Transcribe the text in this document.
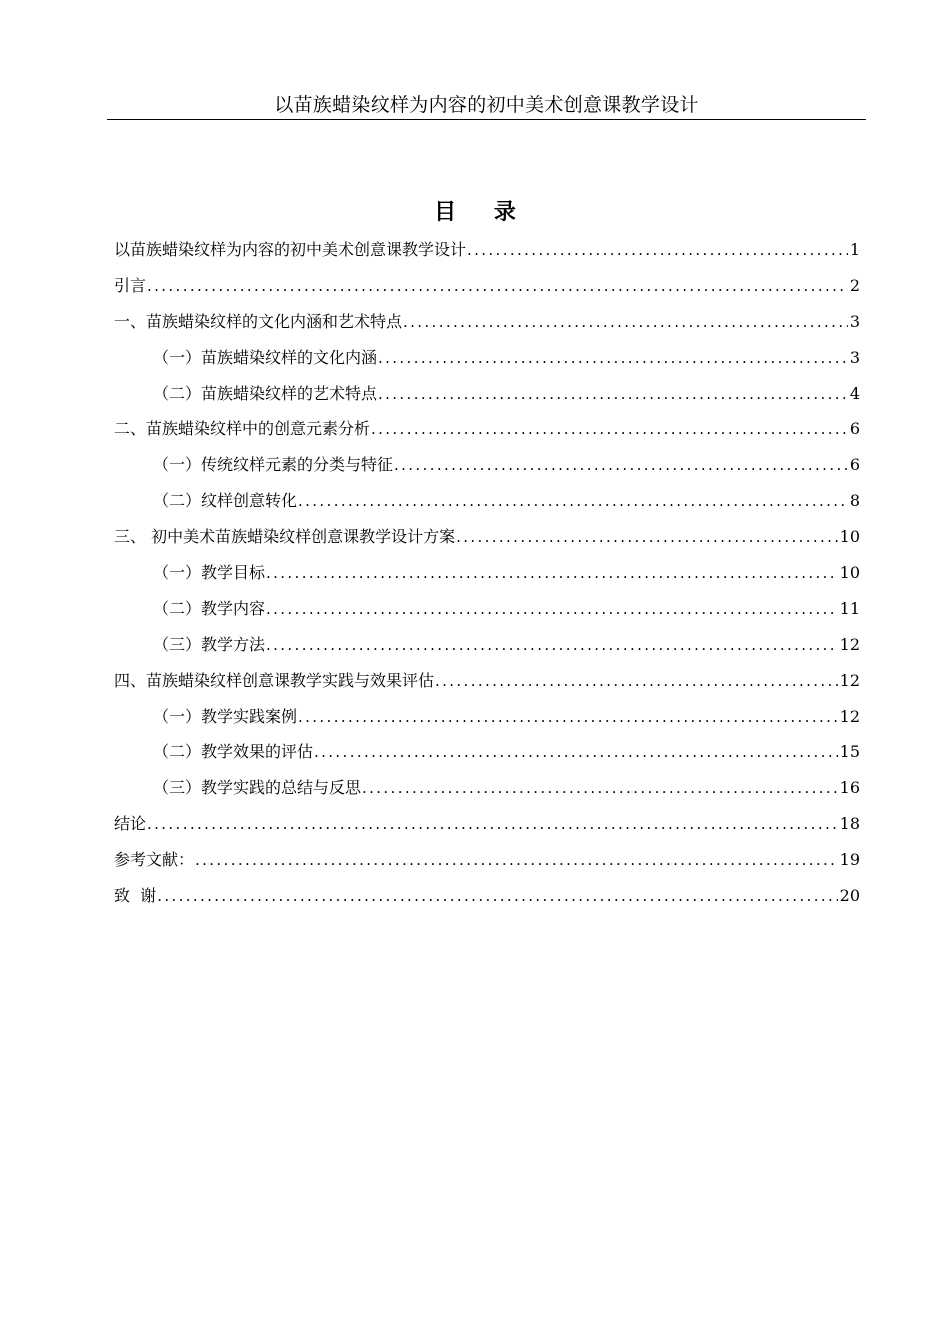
以苗族蜡染纹样为内容的初中美术创意课教学设计
目 录
以苗族蜡染纹样为内容的初中美术创意课教学设计 . . .	1
引言 . . .	2
一、苗族蜡染纹样的文化内涵和艺术特点 . . .	3
（一）苗族蜡染纹样的文化内涵 . . .	3
（二）苗族蜡染纹样的艺术特点 . . .	4
二、苗族蜡染纹样中的创意元素分析 . . .	6
（一）传统纹样元素的分类与特征 . . .	6
（二）纹样创意转化 . . .	8
三、 初中美术苗族蜡染纹样创意课教学设计方案 . . .	10
（一）教学目标 . . .	10
（二）教学内容 . . .	11
（三）教学方法 . . .	12
四、苗族蜡染纹样创意课教学实践与效果评估 . . .	12
（一）教学实践案例 . . .	12
（二）教学效果的评估 . . .	15
（三）教学实践的总结与反思 . . .	16
结论 . . .	18
参考文献： . . .	19
致  谢 . . .	20
